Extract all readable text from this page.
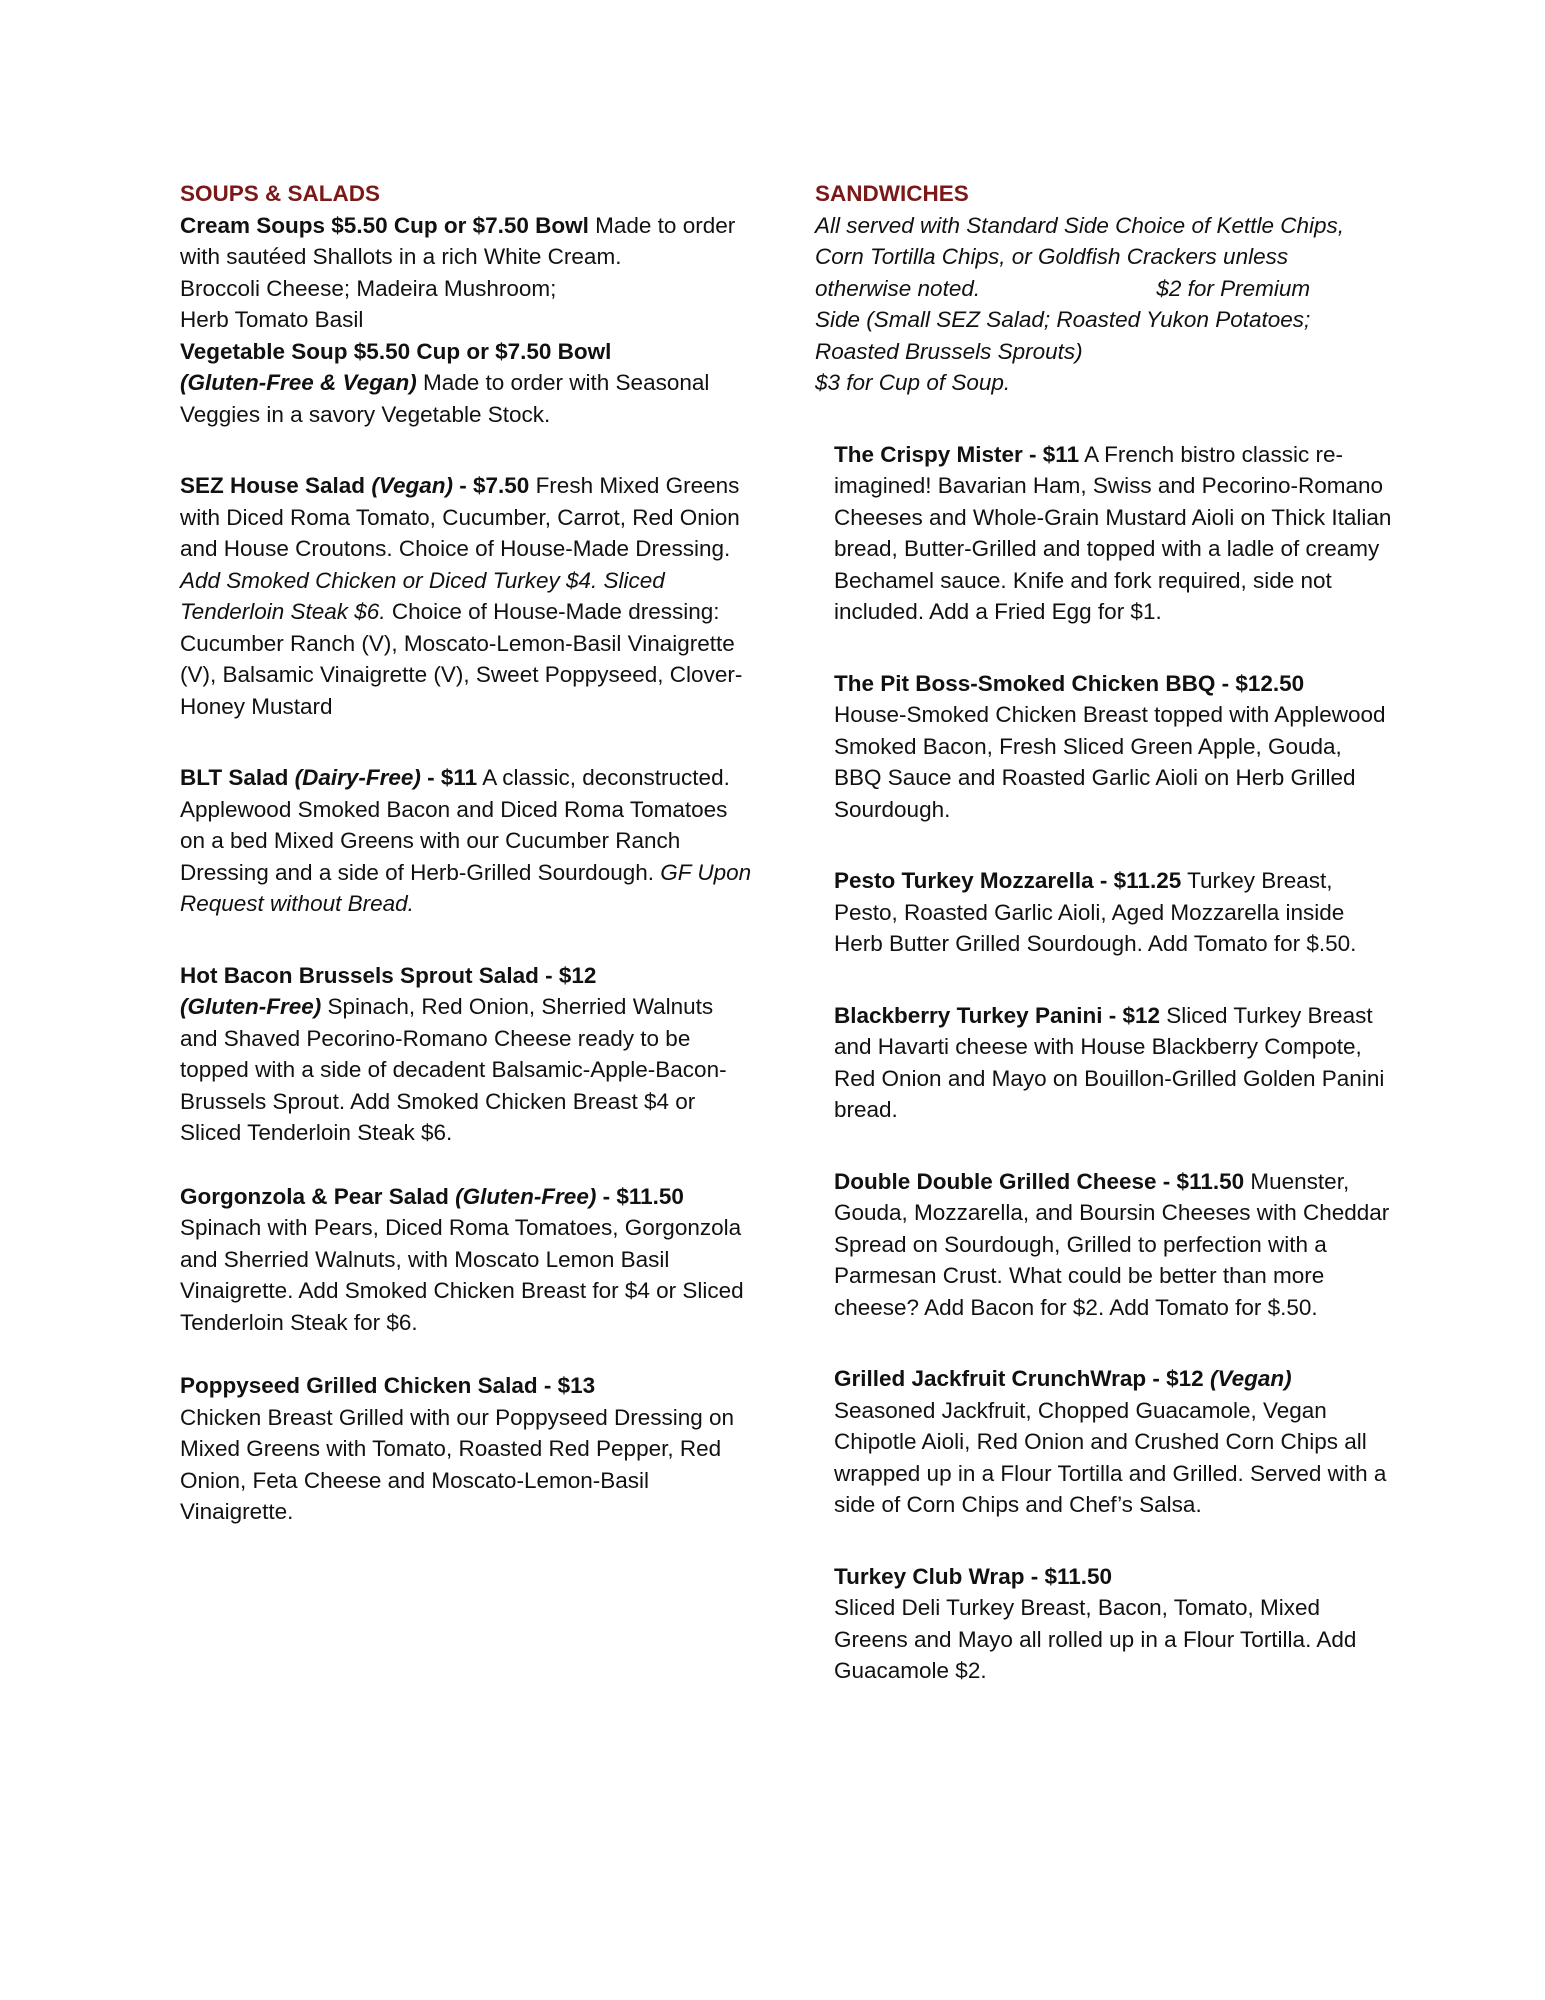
SOUPS & SALADS

Cream Soups $5.50 Cup or $7.50 Bowl Made to order with sautéed Shallots in a rich White Cream.

Broccoli Cheese; Madeira Mushroom;

Herb Tomato Basil

Vegetable Soup $5.50 Cup or $7.50 Bowl
(Gluten-Free & Vegan) Made to order with Seasonal Veggies in a savory Vegetable Stock.

SEZ House Salad (Vegan) - $7.50 Fresh Mixed Greens with Diced Roma Tomato, Cucumber, Carrot, Red Onion and House Croutons. Choice of House-Made Dressing. Add Smoked Chicken or Diced Turkey $4. Sliced Tenderloin Steak $6. Choice of House-Made dressing: Cucumber Ranch (V), Moscato-Lemon-Basil Vinaigrette (V), Balsamic Vinaigrette (V), Sweet Poppyseed, Clover-Honey Mustard

BLT Salad (Dairy-Free) - $11 A classic, deconstructed. Applewood Smoked Bacon and Diced Roma Tomatoes on a bed Mixed Greens with our Cucumber Ranch Dressing and a side of Herb-Grilled Sourdough. GF Upon Request without Bread.

Hot Bacon Brussels Sprout Salad - $12
(Gluten-Free) Spinach, Red Onion, Sherried Walnuts and Shaved Pecorino-Romano Cheese ready to be topped with a side of decadent Balsamic-Apple-Bacon-Brussels Sprout. Add Smoked Chicken Breast $4 or Sliced Tenderloin Steak $6.

Gorgonzola & Pear Salad (Gluten-Free) - $11.50
Spinach with Pears, Diced Roma Tomatoes, Gorgonzola and Sherried Walnuts, with Moscato Lemon Basil Vinaigrette. Add Smoked Chicken Breast for $4 or Sliced Tenderloin Steak for $6.

Poppyseed Grilled Chicken Salad - $13
Chicken Breast Grilled with our Poppyseed Dressing on Mixed Greens with Tomato, Roasted Red Pepper, Red Onion, Feta Cheese and Moscato-Lemon-Basil Vinaigrette.

SANDWICHES

All served with Standard Side Choice of Kettle Chips, Corn Tortilla Chips, or Goldfish Crackers unless otherwise noted.	$2 for Premium Side (Small SEZ Salad; Roasted Yukon Potatoes; Roasted Brussels Sprouts)
$3 for Cup of Soup.

The Crispy Mister - $11 A French bistro classic re-imagined! Bavarian Ham, Swiss and Pecorino-Romano Cheeses and Whole-Grain Mustard Aioli on Thick Italian bread, Butter-Grilled and topped with a ladle of creamy Bechamel sauce. Knife and fork required, side not included. Add a Fried Egg for $1.

The Pit Boss-Smoked Chicken BBQ - $12.50
House-Smoked Chicken Breast topped with Applewood Smoked Bacon, Fresh Sliced Green Apple, Gouda, BBQ Sauce and Roasted Garlic Aioli on Herb Grilled Sourdough.

Pesto Turkey Mozzarella - $11.25 Turkey Breast, Pesto, Roasted Garlic Aioli, Aged Mozzarella inside Herb Butter Grilled Sourdough. Add Tomato for $.50.

Blackberry Turkey Panini - $12 Sliced Turkey Breast and Havarti cheese with House Blackberry Compote, Red Onion and Mayo on Bouillon-Grilled Golden Panini bread.

Double Double Grilled Cheese - $11.50 Muenster, Gouda, Mozzarella, and Boursin Cheeses with Cheddar Spread on Sourdough, Grilled to perfection with a Parmesan Crust. What could be better than more cheese? Add Bacon for $2. Add Tomato for $.50.

Grilled Jackfruit CrunchWrap - $12 (Vegan)
Seasoned Jackfruit, Chopped Guacamole, Vegan Chipotle Aioli, Red Onion and Crushed Corn Chips all wrapped up in a Flour Tortilla and Grilled. Served with a side of Corn Chips and Chef’s Salsa.

Turkey Club Wrap - $11.50
Sliced Deli Turkey Breast, Bacon, Tomato, Mixed Greens and Mayo all rolled up in a Flour Tortilla. Add Guacamole $2.
